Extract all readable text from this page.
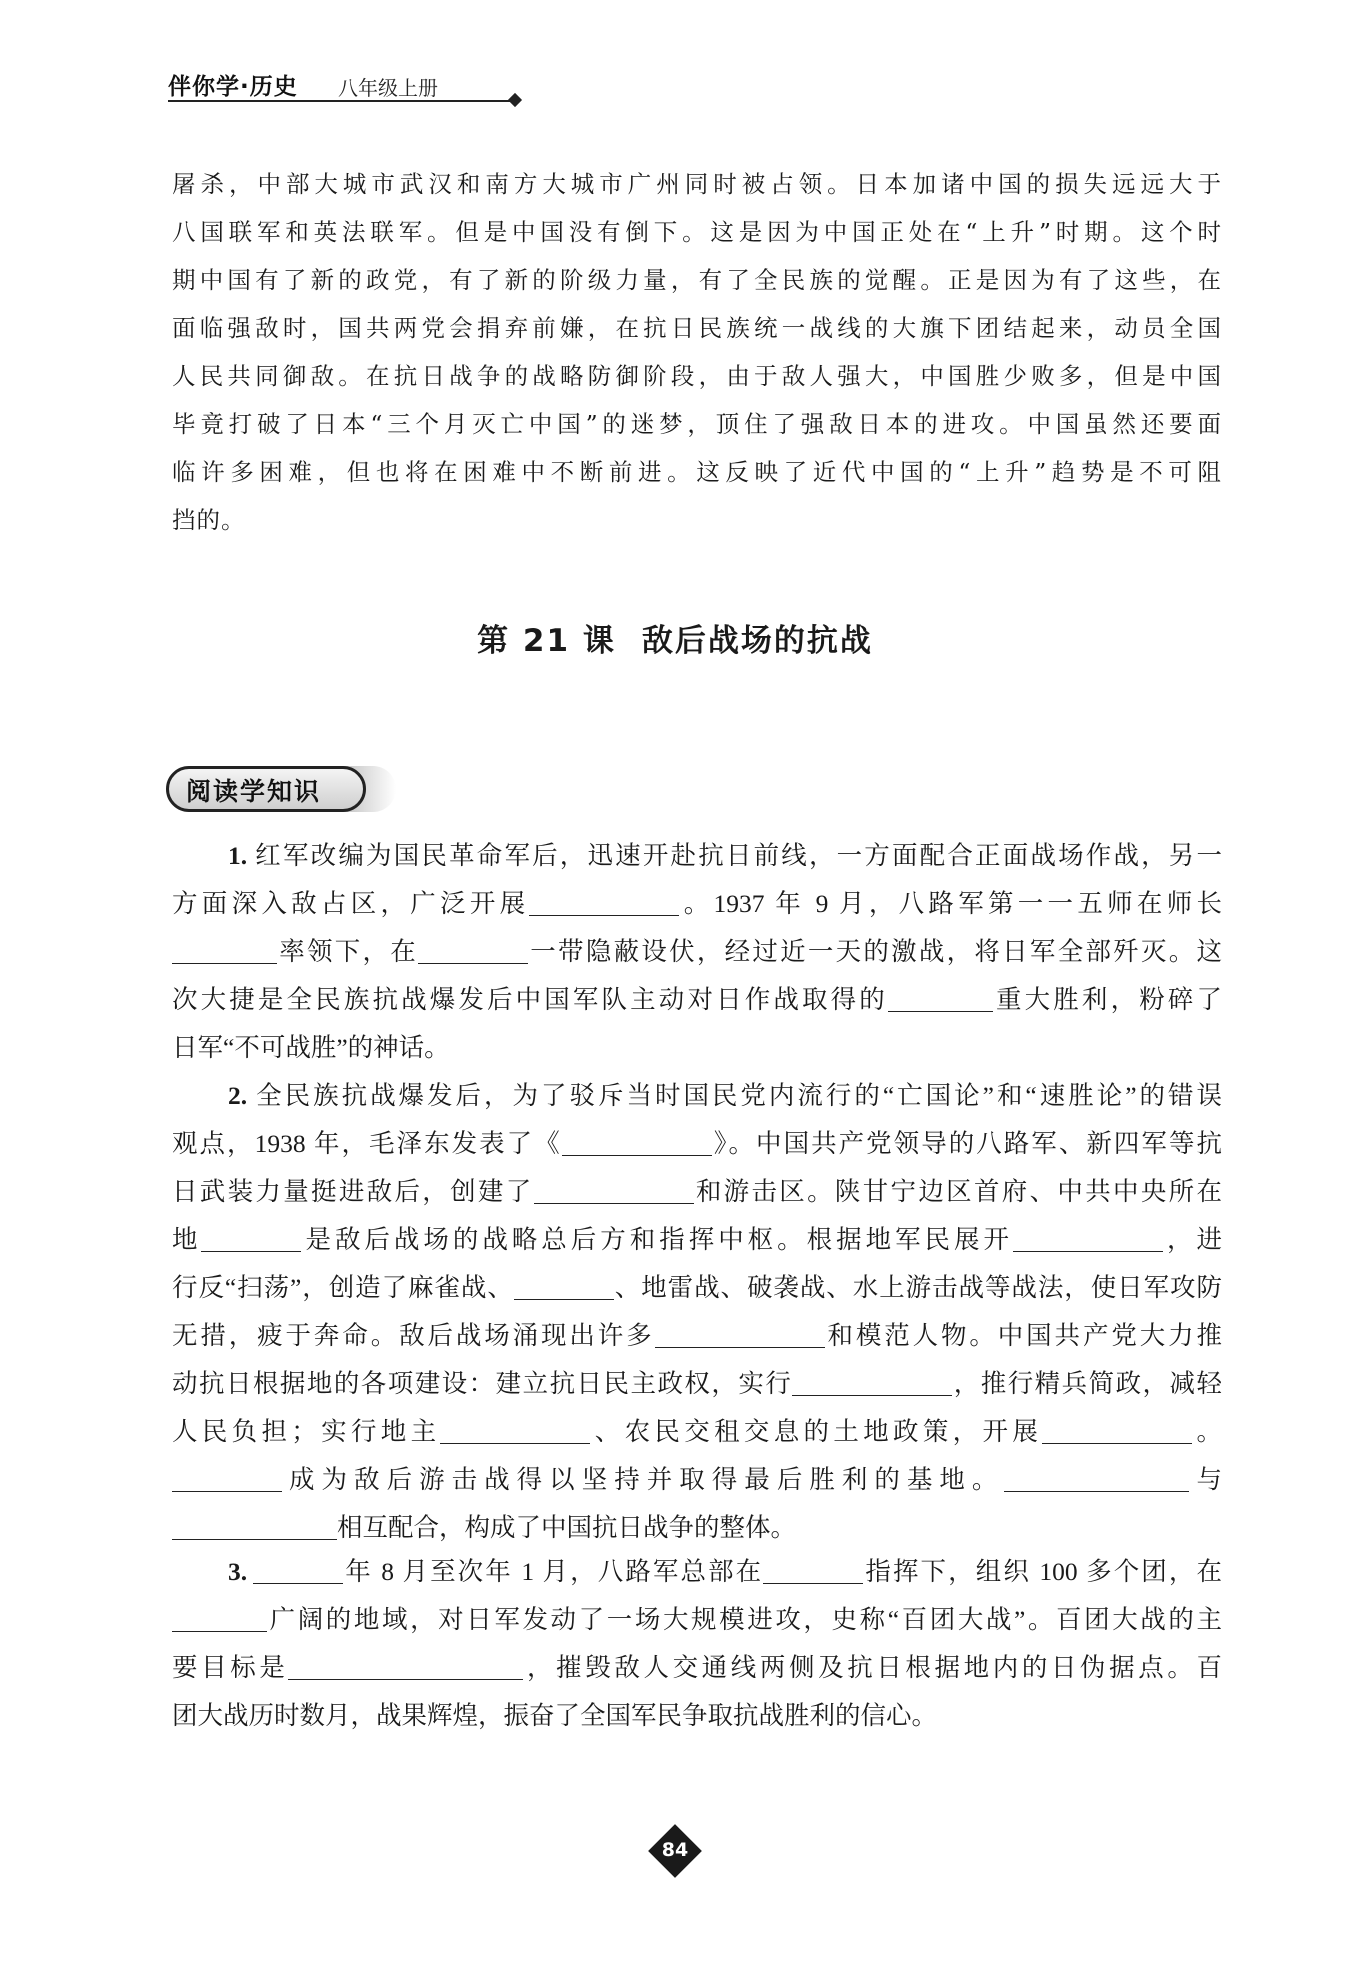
伴你学·历史 八年级上册
屠杀，中部大城市武汉和南方大城市广州同时被占领。日本加诸中国的损失远远大于
八国联军和英法联军。但是中国没有倒下。这是因为中国正处在“上升”时期。这个时
期中国有了新的政党，有了新的阶级力量，有了全民族的觉醒。正是因为有了这些，在
面临强敌时，国共两党会捐弃前嫌，在抗日民族统一战线的大旗下团结起来，动员全国
人民共同御敌。在抗日战争的战略防御阶段，由于敌人强大，中国胜少败多，但是中国
毕竟打破了日本“三个月灭亡中国”的迷梦，顶住了强敌日本的进攻。中国虽然还要面
临许多困难，但也将在困难中不断前进。这反映了近代中国的“上升”趋势是不可阻
挡的。
第 21 课 敌后战场的抗战
阅读学知识
1. 红军改编为国民革命军后，迅速开赴抗日前线，一方面配合正面战场作战，另一
方面深入敌占区，广泛开展	。1937 年 9 月，八路军第一一五师在师长
率领下，在	一带隐蔽设伏，经过近一天的激战，将日军全部歼灭。这
次大捷是全民族抗战爆发后中国军队主动对日作战取得的	重大胜利，粉碎了
日军“不可战胜”的神话。
2. 全民族抗战爆发后，为了驳斥当时国民党内流行的“亡国论”和“速胜论”的错误
观点，1938 年，毛泽东发表了《	》。中国共产党领导的八路军、新四军等抗
日武装力量挺进敌后，创建了	和游击区。陕甘宁边区首府、中共中央所在
地	是敌后战场的战略总后方和指挥中枢。根据地军民展开	，进
行反“扫荡”，创造了麻雀战、	、地雷战、破袭战、水上游击战等战法，使日军攻防
无措，疲于奔命。敌后战场涌现出许多	和模范人物。中国共产党大力推
动抗日根据地的各项建设：建立抗日民主政权，实行	，推行精兵简政，减轻
人民负担；实行地主	、农民交租交息的土地政策，开展	。
成为敌后游击战得以坚持并取得最后胜利的基地。	与
相互配合，构成了中国抗日战争的整体。
3.	年 8 月至次年 1 月，八路军总部在	指挥下，组织 100 多个团，在
广阔的地域，对日军发动了一场大规模进攻，史称“百团大战”。百团大战的主
要目标是	，摧毁敌人交通线两侧及抗日根据地内的日伪据点。百
团大战历时数月，战果辉煌，振奋了全国军民争取抗战胜利的信心。
84
